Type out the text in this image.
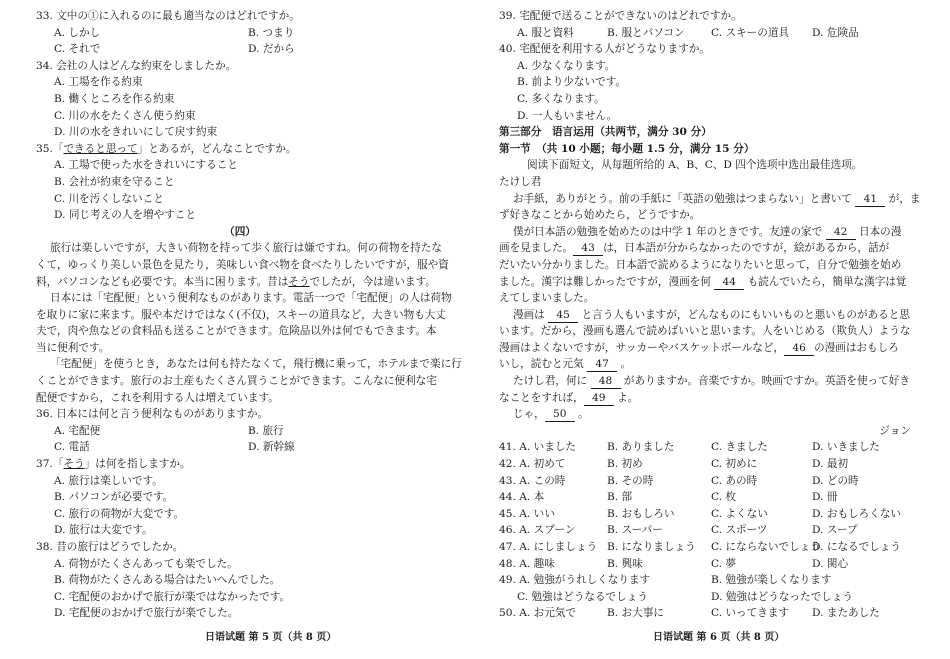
33. 文中の①に入れるのに最も適当なのはどれですか。
A. しかし	B. つまり
C. それで	D. だから
34. 会社の人はどんな約束をしましたか。
A. 工場を作る約束
B. 働くところを作る約束
C. 川の水をたくさん使う約束
D. 川の水をきれいにして戻す約束
35.「できると思って」とあるが，どんなことですか。
A. 工場で使った水をきれいにすること
B. 会社が約束を守ること
C. 川を汚くしないこと
D. 同じ考えの人を増やすこと
（四）
旅行は楽しいですが，大きい荷物を持って歩く旅行は嫌ですね。何の荷物を持たな
くて，ゆっくり美しい景色を見たり，美味しい食べ物を食べたりしたいですが，服や資
料，パソコンなども必要です。本当に困ります。昔はそうでしたが，今は違います。
日本には「宅配便」という便利なものがあります。電話一つで「宅配便」の人は荷物
を取りに家に来ます。服や本だけではなく(不仅)，スキーの道具など，大きい物も大丈
夫で，肉や魚などの食料品も送ることができます。危険品以外は何でもできます。本
当に便利です。
「宅配便」を使うとき，あなたは何も持たなくて，飛行機に乗って，ホテルまで楽に行
くことができます。旅行のお土産もたくさん買うことができます。こんなに便利な宅
配便ですから，これを利用する人は増えています。
36. 日本には何と言う便利なものがありますか。
A. 宅配便	B. 旅行
C. 電話	D. 新幹線
37.「そう」は何を指しますか。
A. 旅行は楽しいです。
B. パソコンが必要です。
C. 旅行の荷物が大変です。
D. 旅行は大変です。
38. 昔の旅行はどうでしたか。
A. 荷物がたくさんあっても楽でした。
B. 荷物がたくさんある場合はたいへんでした。
C. 宅配便のおかげで旅行が楽ではなかったです。
D. 宅配便のおかげで旅行が楽でした。
日语试题 第 5 页（共 8 页）
39. 宅配便で送ることができないのはどれですか。
A. 服と資料	B. 服とパソコン C. スキーの道具 D. 危険品
40. 宅配便を利用する人がどうなりますか。
A. 少なくなります。
B. 前より少ないです。
C. 多くなります。
D. 一人もいません。
第三部分　语言运用（共两节，满分 30 分）
第一节　（共 10 小题；每小题 1.5 分，满分 15 分）
阅读下面短文，从每题所给的 A、B、C、D 四个选项中选出最佳选项。
たけし君
お手紙，ありがとう。前の手紙に「英語の勉強はつまらない」と書いて 41 が，ま
ず好きなことから始めたら，どうですか。
僕が日本語の勉強を始めたのは中学 1 年のときです。友達の家で 42 日本の漫
画を見ました。 43 は，日本語が分からなかったのですが，絵があるから，話が
だいたい分かりました。日本語で読めるようになりたいと思って，自分で勉強を始め
ました。漢字は難しかったですが，漫画を何 44 も読んでいたら，簡単な漢字は覚
えてしまいました。
漫画は 45 と言う人もいますが，どんなものにもいいものと悪いものがあると思
います。だから，漫画も選んで読めばいいと思います。人をいじめる（欺负人）ような
漫画はよくないですが，サッカーやバスケットボールなど， 46 の漫画はおもしろ
いし，読むと元気 47 。
たけし君，何に 48 がありますか。音楽ですか。映画ですか。英語を使って好き
なことをすれば， 49 よ。
じゃ， 50 。
ジョン
41. A. いました	B. ありました	C. きました	D. いきました
42. A. 初めて	B. 初め	C. 初めに	D. 最初
43. A. この時	B. その時	C. あの時	D. どの時
44. A. 本	B. 部	C. 枚	D. 冊
45. A. いい	B. おもしろい	C. よくない	D. おもしろくない
46. A. スプーン	B. スーパー	C. スポーツ	D. スープ
47. A. にしましょう B. になりましょう C. にならないでしょう
D. になるでしょう
48. A. 趣味	B. 興味	C. 夢	D. 関心
49. A. 勉強がうれしくなります	B. 勉強が楽しくなります
C. 勉強はどうなるでしょう	D. 勉強はどうなったでしょう
50. A. お元気で	B. お大事に	C. いってきます D. またあした
日语试题 第 6 页（共 8 页）
